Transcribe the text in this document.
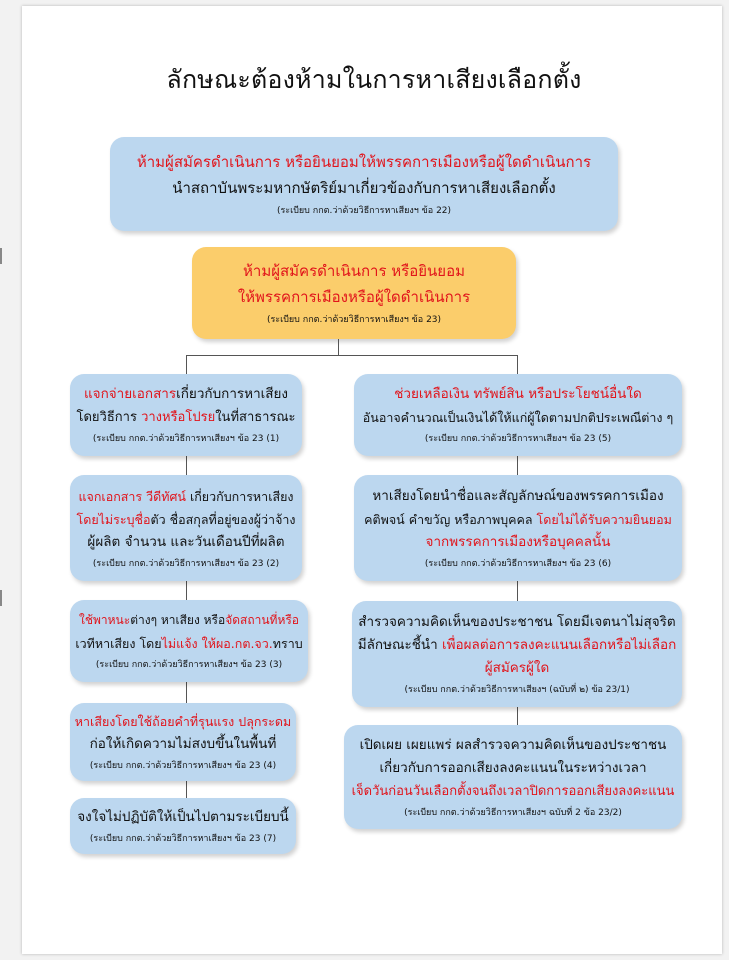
ลักษณะต้องห้ามในการหาเสียงเลือกตั้ง
ห้ามผู้สมัครดำเนินการ หรือยินยอมให้พรรคการเมืองหรือผู้ใดดำเนินการ
นำสถาบันพระมหากษัตริย์มาเกี่ยวข้องกับการหาเสียงเลือกตั้ง
(ระเบียบ กกต.ว่าด้วยวิธีการหาเสียงฯ ข้อ 22)
ห้ามผู้สมัครดำเนินการ หรือยินยอม
ให้พรรคการเมืองหรือผู้ใดดำเนินการ
(ระเบียบ กกต.ว่าด้วยวิธีการหาเสียงฯ ข้อ 23)
แจกจ่ายเอกสารเกี่ยวกับการหาเสียง
โดยวิธีการ วางหรือโปรยในที่สาธารณะ
(ระเบียบ กกต.ว่าด้วยวิธีการหาเสียงฯ ข้อ 23 (1)
แจกเอกสาร วีดีทัศน์ เกี่ยวกับการหาเสียง
โดยไม่ระบุชื่อตัว ชื่อสกุลที่อยู่ของผู้ว่าจ้าง
ผู้ผลิต จำนวน และวันเดือนปีที่ผลิต
(ระเบียบ กกต.ว่าด้วยวิธีการหาเสียงฯ ข้อ 23 (2)
ใช้พาหนะต่างๆ หาเสียง หรือจัดสถานที่หรือ
เวทีหาเสียง โดยไม่แจ้ง ให้ผอ.กต.จว.ทราบ
(ระเบียบ กกต.ว่าด้วยวิธีการหาเสียงฯ ข้อ 23 (3)
หาเสียงโดยใช้ถ้อยคำที่รุนแรง ปลุกระดม
ก่อให้เกิดความไม่สงบขึ้นในพื้นที่
(ระเบียบ กกต.ว่าด้วยวิธีการหาเสียงฯ ข้อ 23 (4)
จงใจไม่ปฏิบัติให้เป็นไปตามระเบียบนี้
(ระเบียบ กกต.ว่าด้วยวิธีการหาเสียงฯ ข้อ 23 (7)
ช่วยเหลือเงิน ทรัพย์สิน หรือประโยชน์อื่นใด
อันอาจคำนวณเป็นเงินได้ให้แก่ผู้ใดตามปกติประเพณีต่าง ๆ
(ระเบียบ กกต.ว่าด้วยวิธีการหาเสียงฯ ข้อ 23 (5)
หาเสียงโดยนำชื่อและสัญลักษณ์ของพรรคการเมือง
คติพจน์ คำขวัญ หรือภาพบุคคล โดยไม่ได้รับความยินยอม
จากพรรคการเมืองหรือบุคคลนั้น
(ระเบียบ กกต.ว่าด้วยวิธีการหาเสียงฯ ข้อ 23 (6)
สำรวจความคิดเห็นของประชาชน โดยมีเจตนาไม่สุจริต
มีลักษณะชี้นำ เพื่อผลต่อการลงคะแนนเลือกหรือไม่เลือก
ผู้สมัครผู้ใด
(ระเบียบ กกต.ว่าด้วยวิธีการหาเสียงฯ (ฉบับที่ ๒) ข้อ 23/1)
เปิดเผย เผยแพร่ ผลสำรวจความคิดเห็นของประชาชน
เกี่ยวกับการออกเสียงลงคะแนนในระหว่างเวลา
เจ็ดวันก่อนวันเลือกตั้งจนถึงเวลาปิดการออกเสียงลงคะแนน
(ระเบียบ กกต.ว่าด้วยวิธีการหาเสียงฯ ฉบับที่ 2 ข้อ 23/2)
